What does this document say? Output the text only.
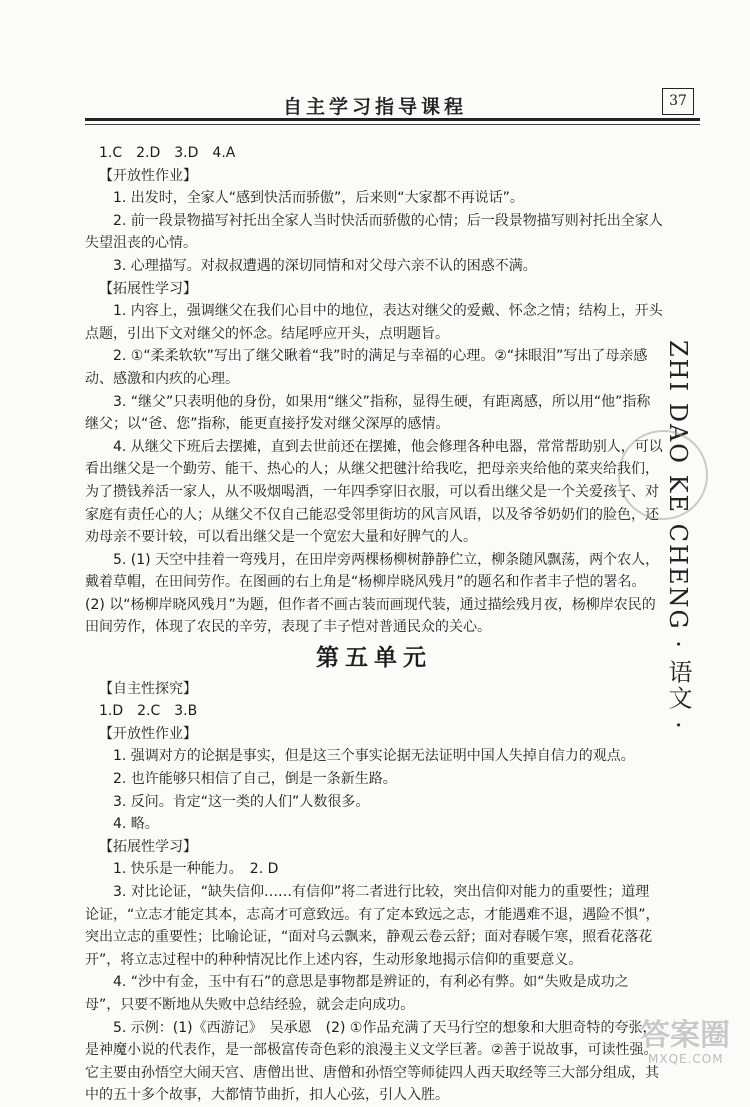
自主学习指导课程	37
ZHI DAO KE CHENG · 语文 ·

1.C　2.D　3.D　4.A

【开放性作业】

1. 出发时，全家人“感到快活而骄傲”，后来则“大家都不再说话”。

2. 前一段景物描写衬托出全家人当时快活而骄傲的心情；后一段景物描写则衬托出全家人失望沮丧的心情。

3. 心理描写。对叔叔遭遇的深切同情和对父母六亲不认的困惑不满。

【拓展性学习】

1. 内容上，强调继父在我们心目中的地位，表达对继父的爱戴、怀念之情；结构上，开头点题，引出下文对继父的怀念。结尾呼应开头，点明题旨。

2. ①“柔柔软软”写出了继父瞅着“我”时的满足与幸福的心理。②“抹眼泪”写出了母亲感动、感激和内疚的心理。

3. “继父”只表明他的身份，如果用“继父”指称，显得生硬，有距离感，所以用“他”指称继父；以“爸、您”指称，能更直接抒发对继父深厚的感情。

4. 从继父下班后去摆摊，直到去世前还在摆摊，他会修理各种电器，常常帮助别人，可以看出继父是一个勤劳、能干、热心的人；从继父把毽汁给我吃，把母亲夹给他的菜夹给我们，为了攒钱养活一家人，从不吸烟喝酒，一年四季穿旧衣服，可以看出继父是一个关爱孩子、对家庭有责任心的人；从继父不仅自己能忍受邻里街坊的风言风语，以及爷爷奶奶们的脸色，还劝母亲不要计较，可以看出继父是一个宽宏大量和好脾气的人。

5. (1) 天空中挂着一弯残月，在田岸旁两棵杨柳树静静伫立，柳条随风飘荡，两个农人，戴着草帽，在田间劳作。在图画的右上角是“杨柳岸晓风残月”的题名和作者丰子恺的署名。(2) 以“杨柳岸晓风残月”为题，但作者不画古装而画现代装，通过描绘残月夜，杨柳岸农民的田间劳作，体现了农民的辛劳，表现了丰子恺对普通民众的关心。

第五单元

【自主性探究】

1.D　2.C　3.B

【开放性作业】

1. 强调对方的论据是事实，但是这三个事实论据无法证明中国人失掉自信力的观点。

2. 也许能够只相信了自己，倒是一条新生路。

3. 反问。肯定“这一类的人们”人数很多。

4. 略。

【拓展性学习】

1. 快乐是一种能力。　2. D

3. 对比论证，“缺失信仰……有信仰”将二者进行比较，突出信仰对能力的重要性；道理论证，“立志才能定其本，志高才可意致远。有了定本致远之志，才能遇难不退，遇险不惧”，突出立志的重要性；比喻论证，“面对乌云飘来，静观云卷云舒；面对春暖乍寒，照看花落花开”，将立志过程中的种种情况比作上述内容，生动形象地揭示信仰的重要意义。

4. “沙中有金，玉中有石”的意思是事物都是辨证的，有利必有弊。如“失败是成功之母”，只要不断地从失败中总结经验，就会走向成功。

5. 示例：(1)《西游记》　吴承恩　(2) ①作品充满了天马行空的想象和大胆奇特的夸张，是神魔小说的代表作，是一部极富传奇色彩的浪漫主义文学巨著。②善于说故事，可读性强。它主要由孙悟空大闹天宫、唐僧出世、唐僧和孙悟空等师徒四人西天取经等三大部分组成，其中的五十多个故事，大都情节曲折，扣人心弦，引人入胜。

答案圈
MXQE.COM
